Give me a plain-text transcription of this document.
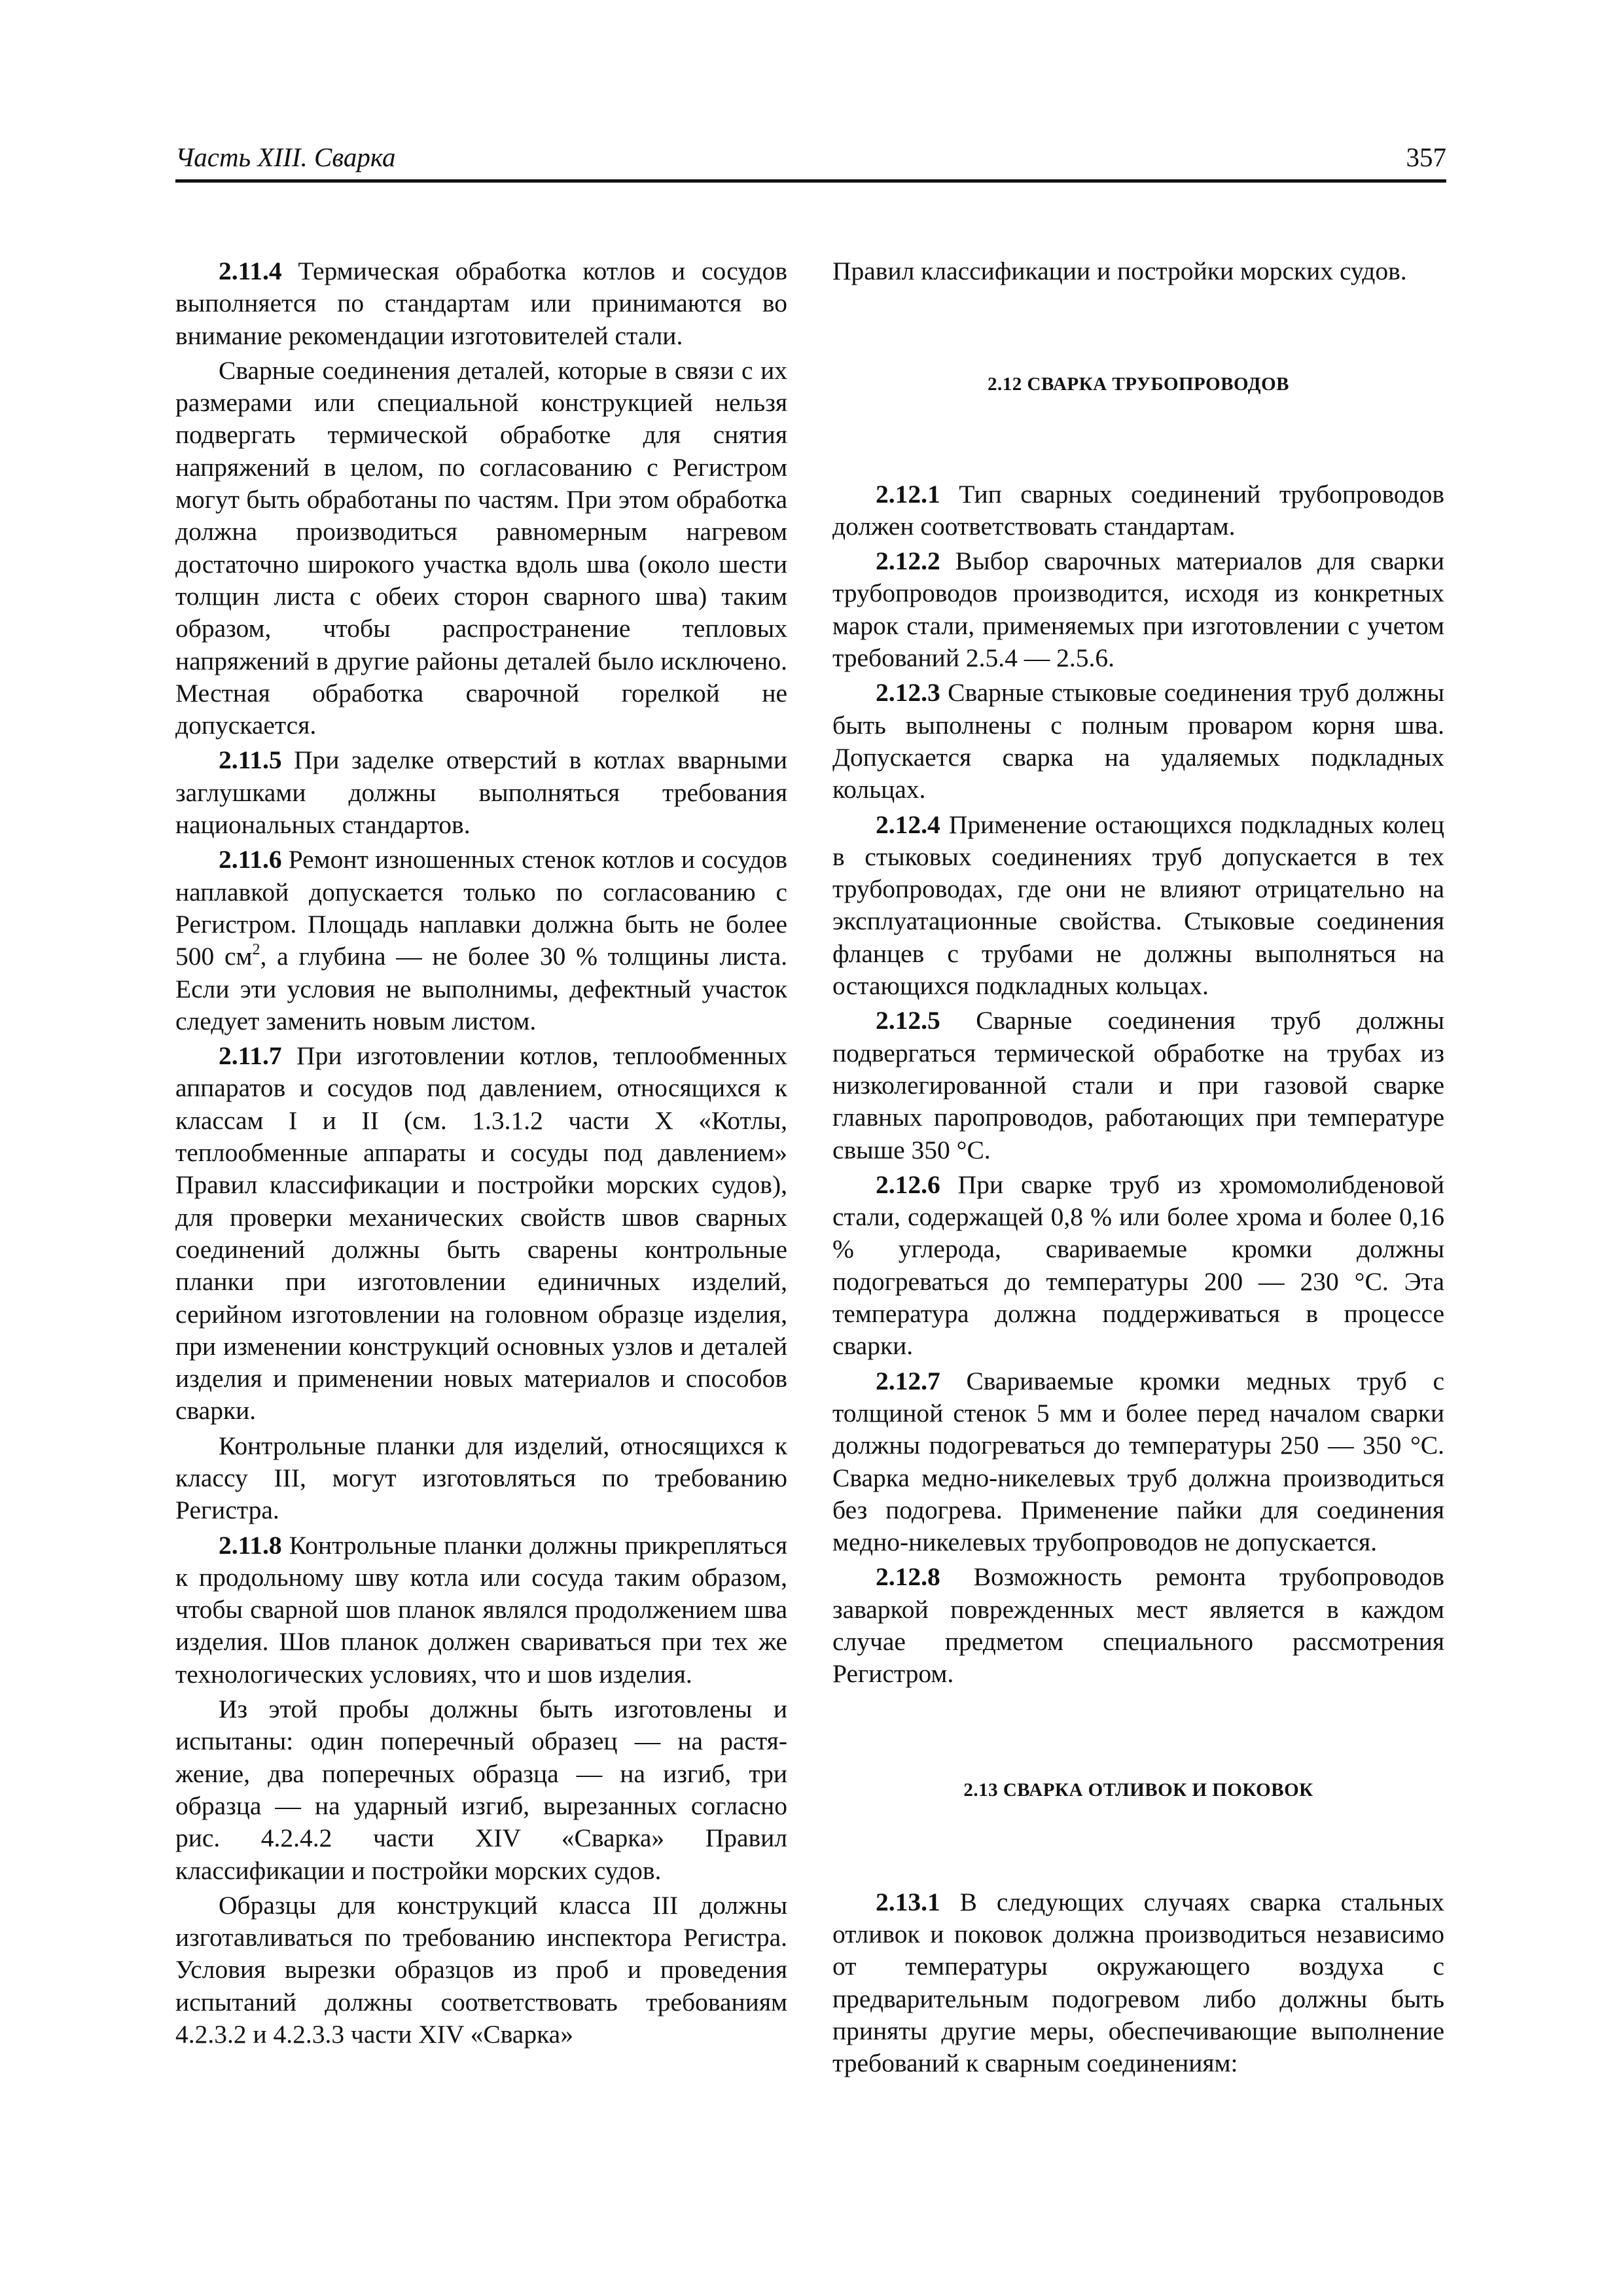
Часть XIII. Сварка	357

2.11.4 Термическая обработка котлов и сосудов выполняется по стандартам или принимаются во внимание рекомендации изготовителей стали.

Сварные соединения деталей, которые в связи с их размерами или специальной конструкцией нельзя подвергать термической обработке для снятия напряжений в целом, по согласованию с Регистром могут быть обработаны по частям. При этом обработка должна производиться равномерным нагревом достаточно широкого участка вдоль шва (около шести толщин листа с обеих сторон сварного шва) таким образом, чтобы распространение тепловых напряжений в другие районы деталей было исключено. Местная обработка сварочной горелкой не допускается.

2.11.5 При заделке отверстий в котлах вварными заглушками должны выполняться требования национальных стандартов.

2.11.6 Ремонт изношенных стенок котлов и сосудов наплавкой допускается только по согласованию с Регистром. Площадь наплавки должна быть не более 500 $см^2$, а глубина — не более 30 % толщины листа. Если эти условия не выполнимы, дефектный участок следует заменить новым листом.

2.11.7 При изготовлении котлов, теплообменных аппаратов и сосудов под давлением, относящихся к классам I и II (см. 1.3.1.2 части X «Котлы, теплообменные аппараты и сосуды под давлением» Правил классификации и постройки морских судов), для проверки механических свойств швов сварных соединений должны быть сварены контрольные планки при изготовлении единичных изделий, серийном изготовлении на головном образце изделия, при изменении конструкций основных узлов и деталей изделия и применении новых материалов и способов сварки.

Контрольные планки для изделий, относящихся к классу III, могут изготовляться по требованию Регистра.

2.11.8 Контрольные планки должны прикрепляться к продольному шву котла или сосуда таким образом, чтобы сварной шов планок являлся продолжением шва изделия. Шов планок должен свариваться при тех же технологических условиях, что и шов изделия.

Из этой пробы должны быть изготовлены и испытаны: один поперечный образец — на растяжение, два поперечных образца — на изгиб, три образца — на ударный изгиб, вырезанных согласно рис. 4.2.4.2 части XIV «Сварка» Правил классификации и постройки морских судов.

Образцы для конструкций класса III должны изготавливаться по требованию инспектора Регистра. Условия вырезки образцов из проб и проведения испытаний должны соответствовать требованиям 4.2.3.2 и 4.2.3.3 части XIV «Сварка»

Правил классификации и постройки морских судов.

2.12 СВАРКА ТРУБОПРОВОДОВ

2.12.1 Тип сварных соединений трубопроводов должен соответствовать стандартам.

2.12.2 Выбор сварочных материалов для сварки трубопроводов производится, исходя из конкретных марок стали, применяемых при изготовлении с учетом требований 2.5.4 — 2.5.6.

2.12.3 Сварные стыковые соединения труб должны быть выполнены с полным проваром корня шва. Допускается сварка на удаляемых подкладных кольцах.

2.12.4 Применение остающихся подкладных колец в стыковых соединениях труб допускается в тех трубопроводах, где они не влияют отрицательно на эксплуатационные свойства. Стыковые соединения фланцев с трубами не должны выполняться на остающихся подкладных кольцах.

2.12.5 Сварные соединения труб должны подвергаться термической обработке на трубах из низколегированной стали и при газовой сварке главных паропроводов, работающих при температуре свыше 350 °С.

2.12.6 При сварке труб из хромомолибденовой стали, содержащей 0,8 % или более хрома и более 0,16 % углерода, свариваемые кромки должны подогреваться до температуры 200 — 230 °С. Эта температура должна поддерживаться в процессе сварки.

2.12.7 Свариваемые кромки медных труб с толщиной стенок 5 мм и более перед началом сварки должны подогреваться до температуры 250 — 350 °С. Сварка медно-никелевых труб должна производиться без подогрева. Применение пайки для соединения медно-никелевых трубопроводов не допускается.

2.12.8 Возможность ремонта трубопроводов заваркой поврежденных мест является в каждом случае предметом специального рассмотрения Регистром.

2.13 СВАРКА ОТЛИВОК И ПОКОВОК

2.13.1 В следующих случаях сварка стальных отливок и поковок должна производиться независимо от температуры окружающего воздуха с предварительным подогревом либо должны быть приняты другие меры, обеспечивающие выполнение требований к сварным соединениям:
